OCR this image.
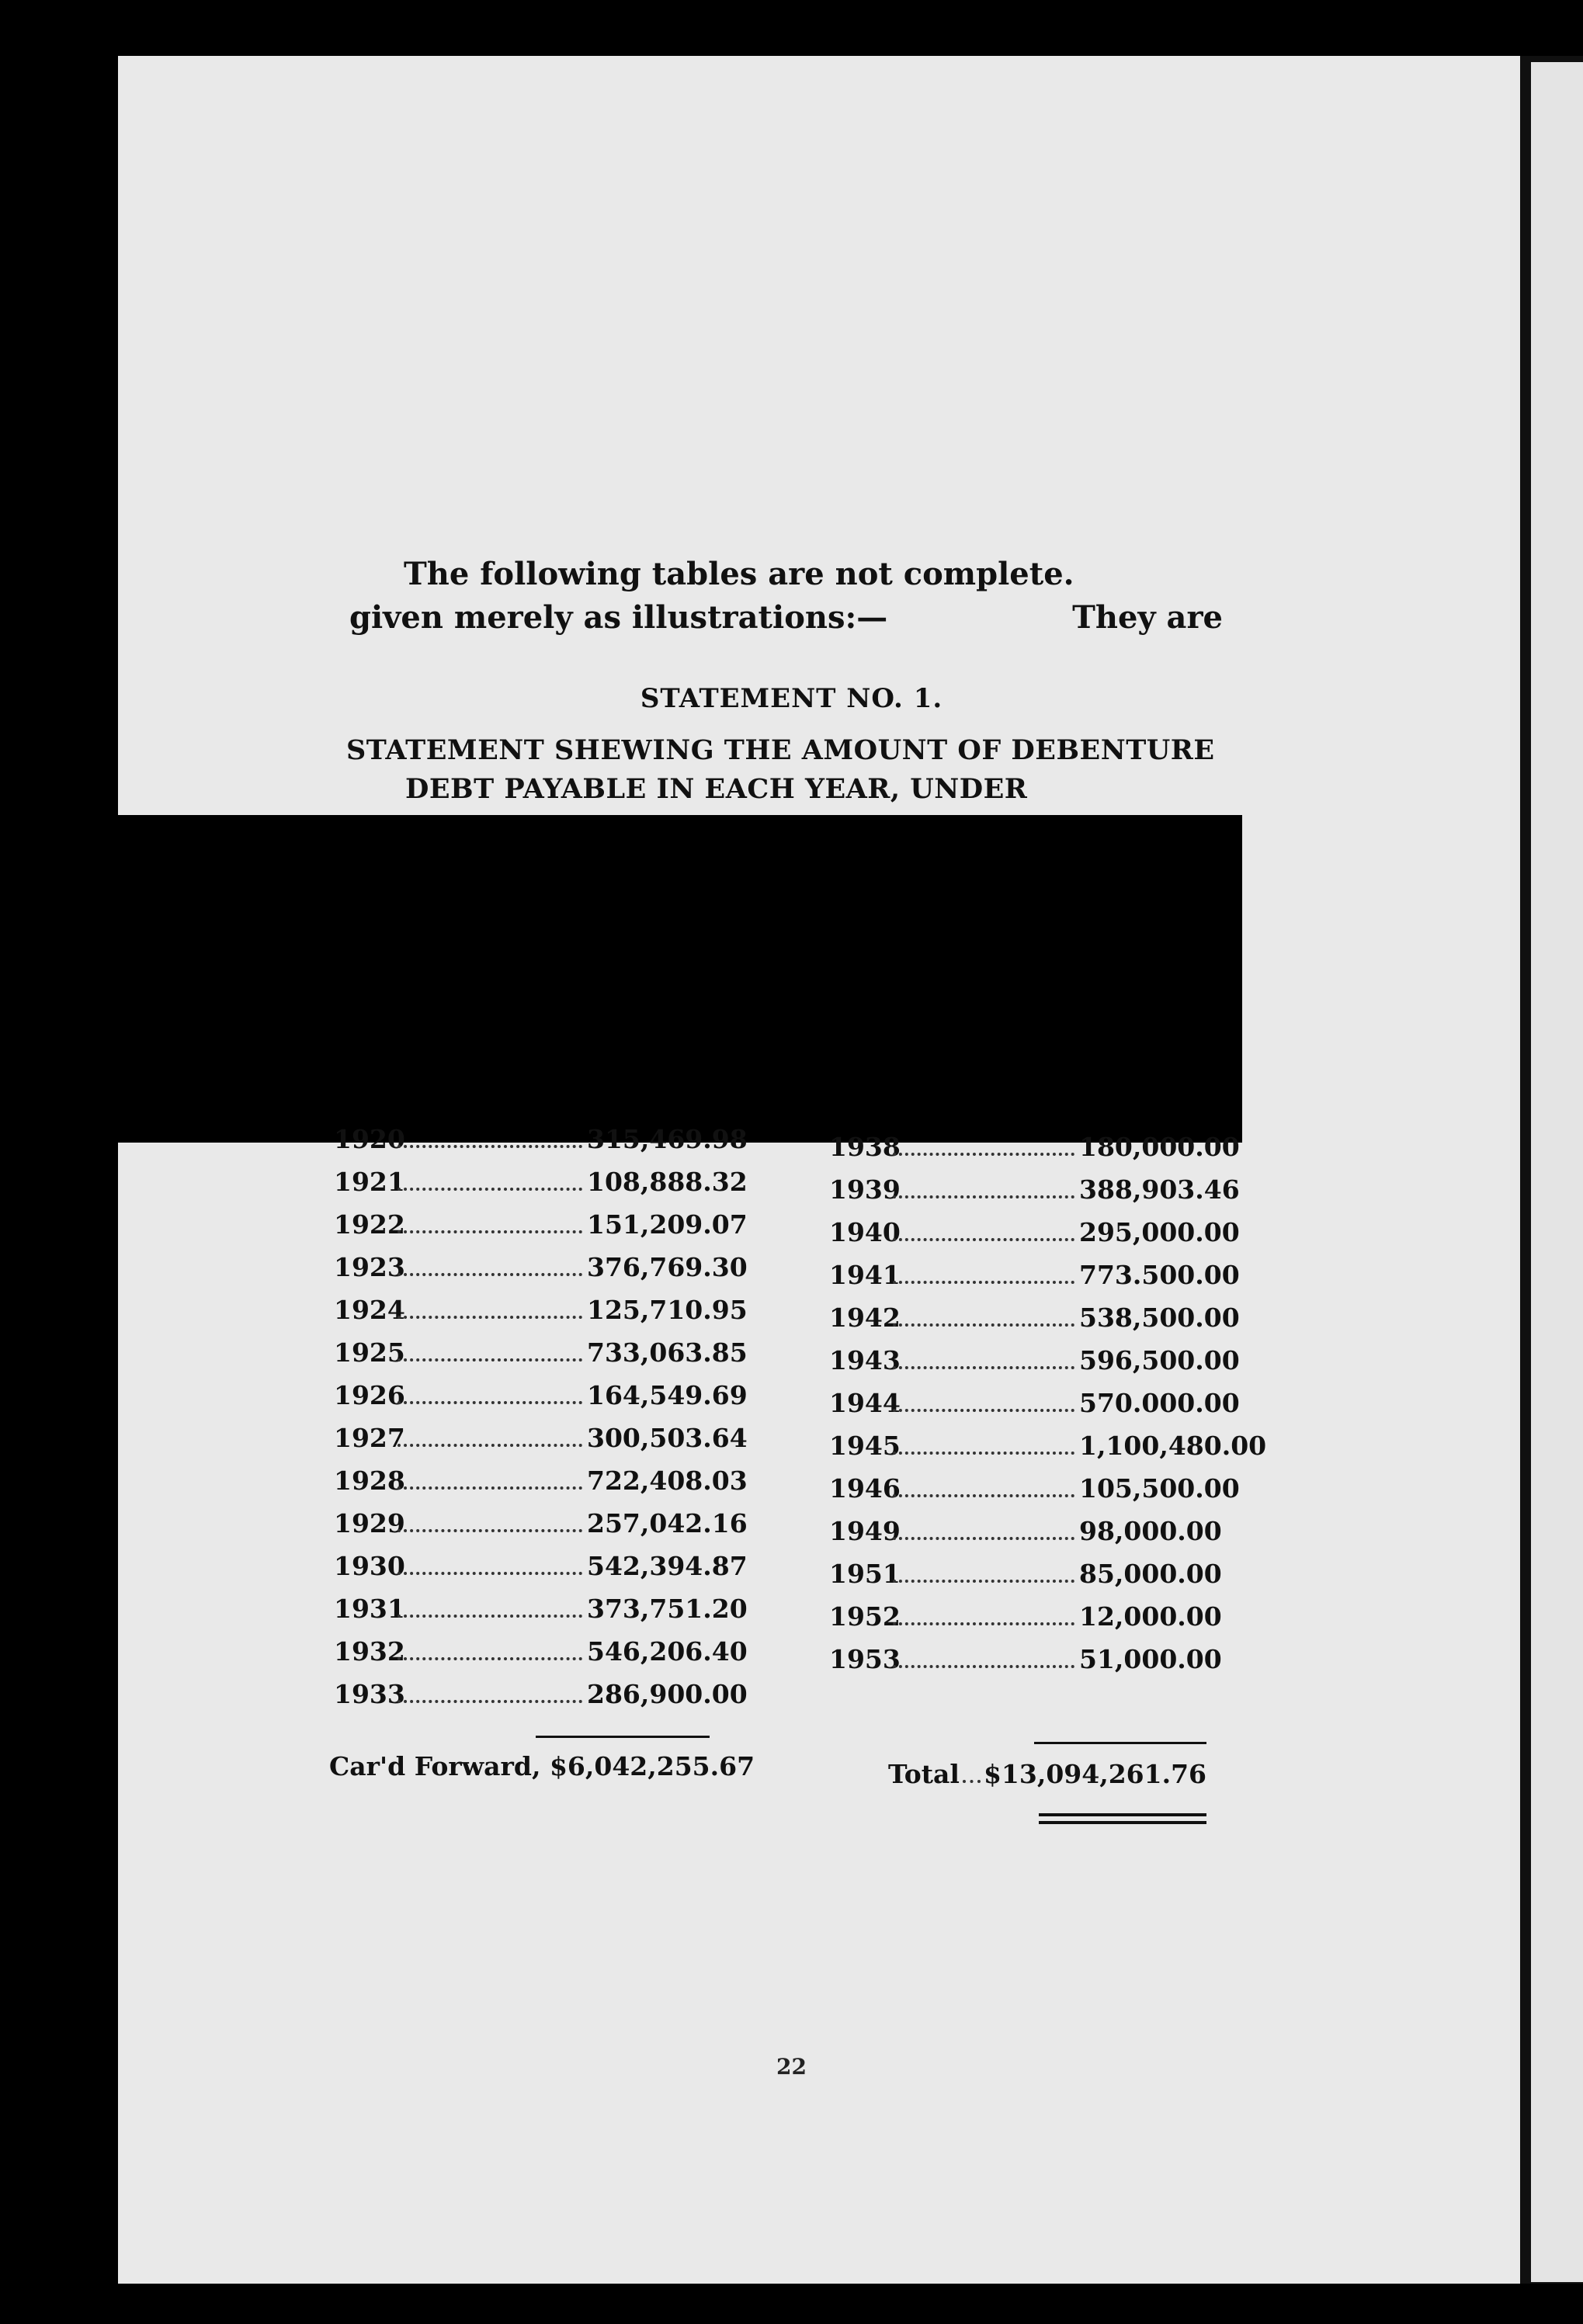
The following tables are not complete.
They are
given merely as illustrations:—
STATEMENT NO. 1.
STATEMENT SHEWING THE AMOUNT OF DEBENTURE
DEBT PAYABLE IN EACH YEAR, UNDER
1920	315,469.98
1921	108,888.32
1922	151,209.07
1923	376,769.30
1924	125,710.95
1925	733,063.85
1926	164,549.69
1927	300,503.64
1928	722,408.03
1929	257,042.16
1930	542,394.87
1931	373,751.20
1932	546,206.40
1933	286,900.00
1938	180,000.00
1939	388,903.46
1940	295,000.00
1941	773.500.00
1942	538,500.00
1943	596,500.00
1944	570.000.00
1945	1,100,480.00
1946	105,500.00
1949	98,000.00
1951	85,000.00
1952	12,000.00
1953	51,000.00
Car'd Forward, $6,042,255.67	Total $13,094,261.76
22
